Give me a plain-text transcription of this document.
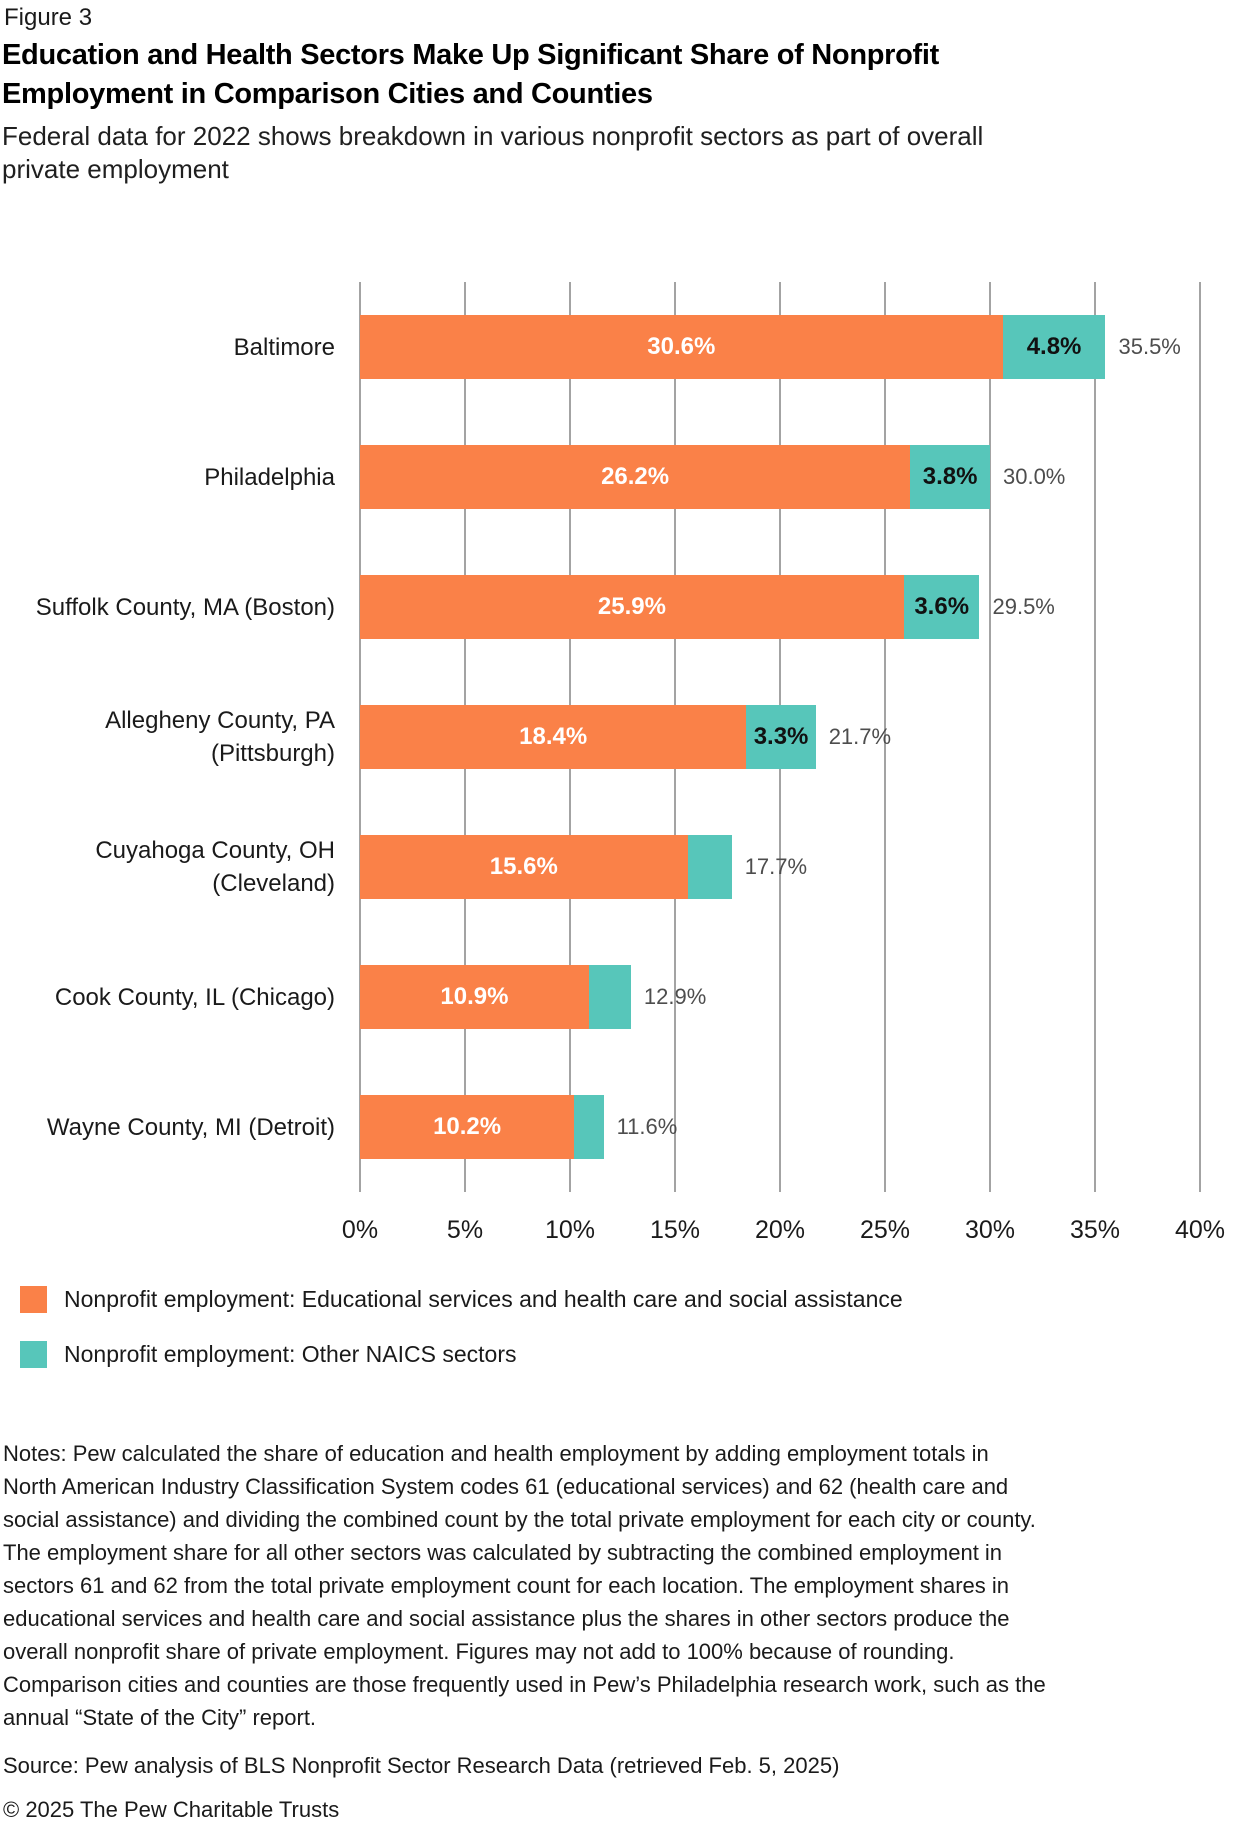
Figure 3
Education and Health Sectors Make Up Significant Share of Nonprofit Employment in Comparison Cities and Counties
Federal data for 2022 shows breakdown in various nonprofit sectors as part of overall private employment
Baltimore	30.6%	4.8%	35.5%
Philadelphia	26.2%	3.8%	30.0%
Suffolk County, MA (Boston)	25.9%	3.6%	29.5%
Allegheny County, PA
(Pittsburgh)
18.4%	3.3% 21.7%
Cuyahoga County, OH
(Cleveland)
15.6%	17.7%
Cook County, IL (Chicago)	10.9%	12.9%
Wayne County, MI (Detroit)	10.2%	11.6%
0%	5%	10%	15%	20%	25%	30%	35%	40%
Nonprofit employment: Educational services and health care and social assistance
Nonprofit employment: Other NAICS sectors
Notes: Pew calculated the share of education and health employment by adding employment totals in North American Industry Classification System codes 61 (educational services) and 62 (health care and social assistance) and dividing the combined count by the total private employment for each city or county. The employment share for all other sectors was calculated by subtracting the combined employment in sectors 61 and 62 from the total private employment count for each location. The employment shares in educational services and health care and social assistance plus the shares in other sectors produce the overall nonprofit share of private employment. Figures may not add to 100% because of rounding. Comparison cities and counties are those frequently used in Pew’s Philadelphia research work, such as the annual “State of the City” report.
Source: Pew analysis of BLS Nonprofit Sector Research Data (retrieved Feb. 5, 2025)
© 2025 The Pew Charitable Trusts
